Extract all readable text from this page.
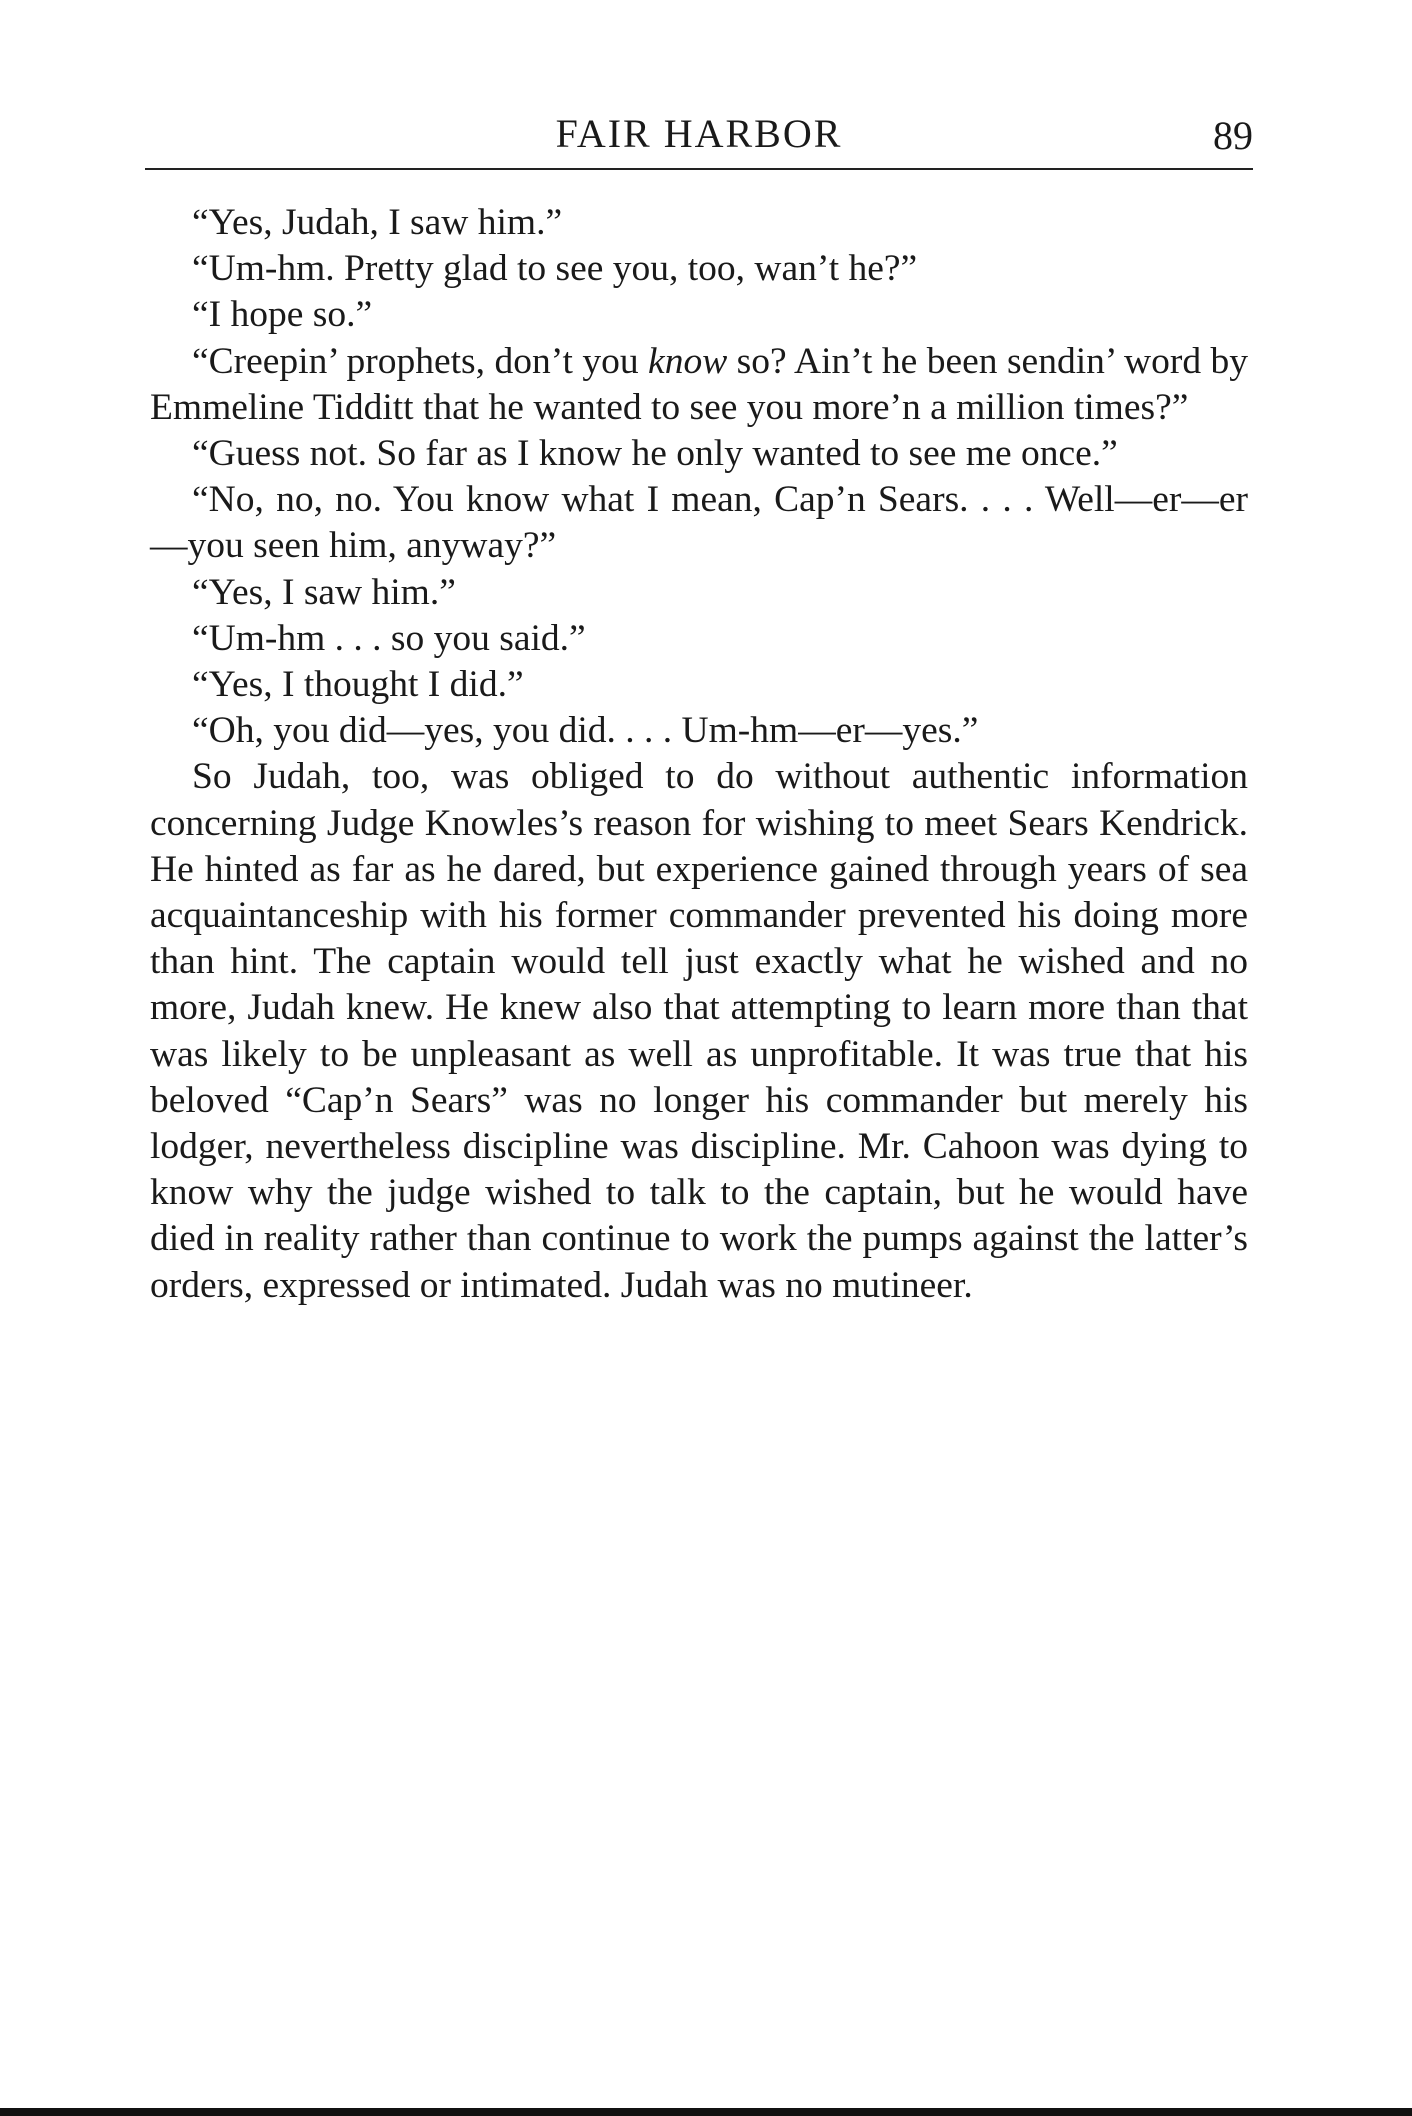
FAIR HARBOR	89

“Yes, Judah, I saw him.”

“Um-hm. Pretty glad to see you, too, wan’t he?”

“I hope so.”

“Creepin’ prophets, don’t you know so? Ain’t he been sendin’ word by Emmeline Tidditt that he wanted to see you more’n a million times?”

“Guess not. So far as I know he only wanted to see me once.”

“No, no, no. You know what I mean, Cap’n Sears. . . . Well—er—er—you seen him, anyway?”

“Yes, I saw him.”

“Um-hm . . . so you said.”

“Yes, I thought I did.”

“Oh, you did—yes, you did. . . . Um-hm—er—yes.”

So Judah, too, was obliged to do without authentic information concerning Judge Knowles’s reason for wishing to meet Sears Kendrick. He hinted as far as he dared, but experience gained through years of sea acquaintanceship with his former commander prevented his doing more than hint. The captain would tell just exactly what he wished and no more, Judah knew. He knew also that attempting to learn more than that was likely to be unpleasant as well as unprofitable. It was true that his beloved “Cap’n Sears” was no longer his commander but merely his lodger, nevertheless discipline was discipline. Mr. Cahoon was dying to know why the judge wished to talk to the captain, but he would have died in reality rather than continue to work the pumps against the latter’s orders, expressed or intimated. Judah was no mutineer.
